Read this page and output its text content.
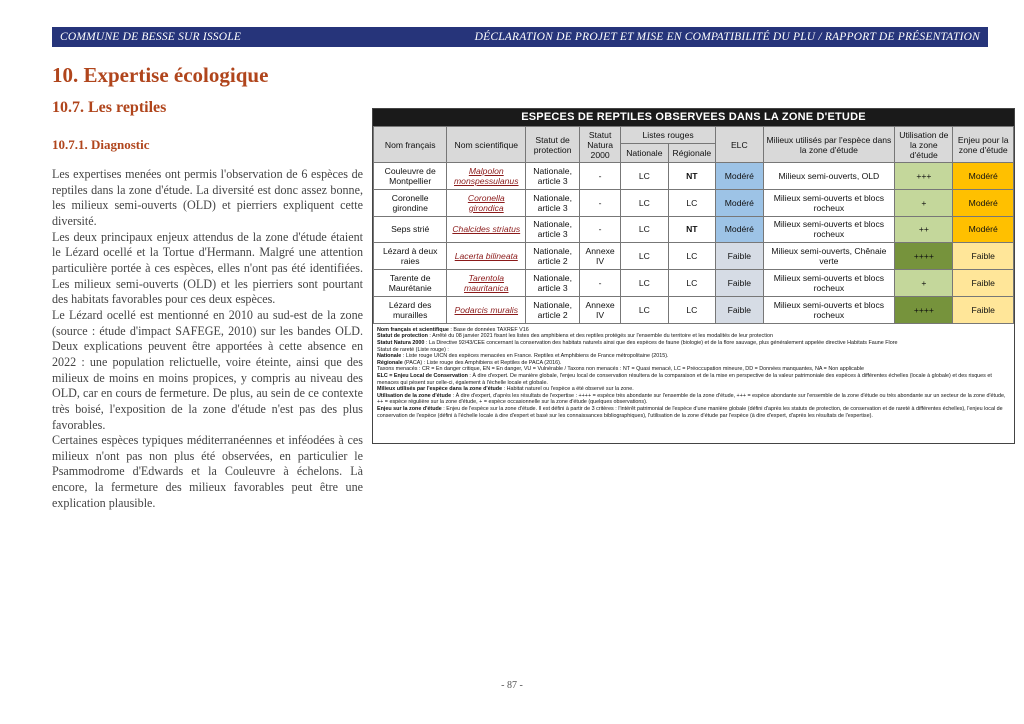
COMMUNE DE BESSE SUR ISSOLE	DÉCLARATION DE PROJET ET MISE EN COMPATIBILITÉ DU PLU / RAPPORT DE PRÉSENTATION
10. Expertise écologique
10.7. Les reptiles
10.7.1. Diagnostic

Les expertises menées ont permis l'observation de 6 espèces de reptiles dans la zone d'étude. La diversité est donc assez bonne, les milieux semi-ouverts (OLD) et pierriers expliquent cette diversité.

Les deux principaux enjeux attendus de la zone d'étude étaient le Lézard ocellé et la Tortue d'Hermann. Malgré une attention particulière portée à ces espèces, elles n'ont pas été identifiées. Les milieux semi-ouverts (OLD) et les pierriers sont pourtant des habitats favorables pour ces deux espèces.

Le Lézard ocellé est mentionné en 2010 au sud-est de la zone (source : étude d'impact SAFEGE, 2010) sur les bandes OLD. Deux explications peuvent être apportées à cette absence en 2022 : une population relictuelle, voire éteinte, ainsi que des milieux de moins en moins propices, y compris au niveau des OLD, car en cours de fermeture. De plus, au sein de ce contexte très boisé, l'exposition de la zone d'étude n'est pas des plus favorables.

Certaines espèces typiques méditerranéennes et inféodées à ces milieux n'ont pas non plus été observées, en particulier le Psammodrome d'Edwards et la Couleuvre à échelons. Là encore, la fermeture des milieux favorables peut être une explication plausible.

ESPECES DE REPTILES OBSERVEES DANS LA ZONE D'ETUDE
Nom français	Nom scientifique	Statut de protection	Statut Natura 2000	Listes rouges		ELC	Milieux utilisés par l'espèce dans la zone d'étude	Utilisation de la zone d'étude	Enjeu pour la zone d'étude
				Nationale	Régionale				
Couleuvre de Montpellier	Malpolon monspessulanus	Nationale, article 3	-	LC	NT	Modéré	Milieux semi-ouverts, OLD	+++	Modéré
Coronelle girondine	Coronella girondica	Nationale, article 3	-	LC	LC	Modéré	Milieux semi-ouverts et blocs rocheux	+	Modéré
Seps strié	Chalcides striatus	Nationale, article 3	-	LC	NT	Modéré	Milieux semi-ouverts et blocs rocheux	++	Modéré
Lézard à deux raies	Lacerta bilineata	Nationale, article 2	Annexe IV	LC	LC	Faible	Milieux semi-ouverts, Chênaie verte	++++	Faible
Tarente de Maurétanie	Tarentola mauritanica	Nationale, article 3	-	LC	LC	Faible	Milieux semi-ouverts et blocs rocheux	+	Faible
Lézard des murailles	Podarcis muralis	Nationale, article 2	Annexe IV	LC	LC	Faible	Milieux semi-ouverts et blocs rocheux	++++	Faible
Nom français et scientifique : Base de données TAXREF V16
Statut de protection : Arrêté du 08 janvier 2021 fixant les listes des amphibiens et des reptiles protégés sur l'ensemble du territoire et les modalités de leur protection
Statut Natura 2000 : La Directive 92/43/CEE concernant la conservation des habitats naturels ainsi que des espèces de faune (biologie) et de la flore sauvage, plus généralement appelée directive Habitats Faune Flore
Statut de rareté (Liste rouge) :
Nationale : Liste rouge UICN des espèces menacées en France. Reptiles et Amphibiens de France métropolitaine (2015).
Régionale (PACA) : Liste rouge des Amphibiens et Reptiles de PACA (2016).
Taxons menacés : CR = En danger critique, EN = En danger, VU = Vulnérable / Taxons non menacés : NT = Quasi menacé, LC = Préoccupation mineure, DD = Données manquantes, NA = Non applicable
ELC = Enjeu Local de Conservation : À dire d'expert. De manière globale, l'enjeu local de conservation résultera de la comparaison et de la mise en perspective de la valeur patrimoniale des espèces à différentes échelles (locale à globale) et des risques et menaces qui pèsent sur celle-ci, également à l'échelle locale et globale.
Milieux utilisés par l'espèce dans la zone d'étude : Habitat naturel ou l'espèce a été observé sur la zone.
Utilisation de la zone d'étude : À dire d'expert, d'après les résultats de l'expertise : ++++ = espèce très abondante sur l'ensemble de la zone d'étude, +++ = espèce abondante sur l'ensemble de la zone d'étude ou très abondante sur un secteur de la zone d'étude, ++ = espèce régulière sur la zone d'étude, + = espèce occasionnelle sur la zone d'étude (quelques observations).
Enjeu sur la zone d'étude : Enjeu de l'espèce sur la zone d'étude. Il est défini à partir de 3 critères : l'intérêt patrimonial de l'espèce d'une manière globale (défini d'après les statuts de protection, de conservation et de rareté à différentes échelles), l'enjeu local de conservation de l'espèce (défini à l'échelle locale à dire d'expert et basé sur les connaissances bibliographiques), l'utilisation de la zone d'étude par l'espèce (à dire d'expert, d'après les résultats de l'expertise).
- 87 -
